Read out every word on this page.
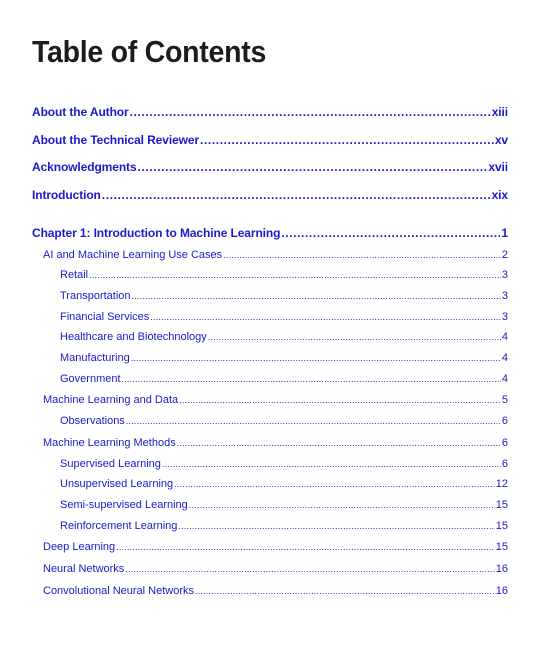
Table of Contents
About the Author .....	xiii
About the Technical Reviewer .....	xv
Acknowledgments .....	xvii
Introduction .....	xix
Chapter 1: Introduction to Machine Learning .....	1
AI and Machine Learning Use Cases .....	2
Retail .....	3
Transportation .....	3
Financial Services .....	3
Healthcare and Biotechnology .....	4
Manufacturing .....	4
Government .....	4
Machine Learning and Data .....	5
Observations .....	6
Machine Learning Methods .....	6
Supervised Learning .....	6
Unsupervised Learning .....	12
Semi-supervised Learning .....	15
Reinforcement Learning .....	15
Deep Learning .....	15
Neural Networks .....	16
Convolutional Neural Networks .....	16
